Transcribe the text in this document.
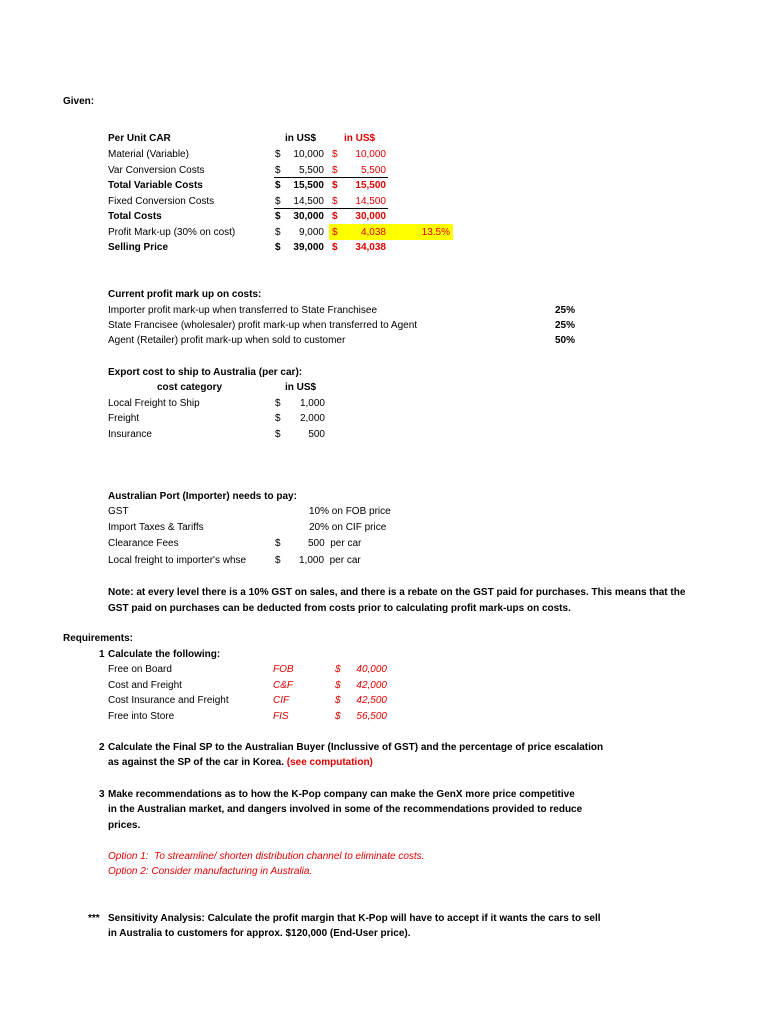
Given:
Per Unit CAR	in US$	in US$
Material (Variable)	$	10,000 $	10,000
Var Conversion Costs	$	5,500 $	5,500
Total Variable Costs	$	15,500 $	15,500
Fixed Conversion Costs	$	14,500 $	14,500
Total Costs	$	30,000 $	30,000
Profit Mark-up (30% on cost)	$	9,000 $	4,038	13.5%
Selling Price	$	39,000 $	34,038
Current profit mark up on costs:
Importer profit mark-up when transferred to State Franchisee	25%
State Francisee (wholesaler) profit mark-up when transferred to Agent	25%
Agent (Retailer) profit mark-up when sold to customer	50%
Export cost to ship to Australia (per car):
cost category	in US$
Local Freight to Ship	$	1,000
Freight	$	2,000
Insurance	$	500
Australian Port (Importer) needs to pay:
GST	10% on FOB price
Import Taxes & Tariffs	20% on CIF price
Clearance Fees	$	500  per car
Local freight to importer's whse	$ 1,000  per car
Note: at every level there is a 10% GST on sales, and there is a rebate on the GST paid for purchases. This means that the
GST paid on purchases can be deducted from costs prior to calculating profit mark-ups on costs.
Requirements:
1 Calculate the following:
Free on Board	FOB	$	40,000
Cost and Freight	C&F	$	42,000
Cost Insurance and Freight	CIF	$	42,500
Free into Store	FIS	$	56,500
2 Calculate the Final SP to the Australian Buyer (Inclussive of GST) and the percentage of price escalation
as against the SP of the car in Korea. (see computation)
3 Make recommendations as to how the K-Pop company can make the GenX more price competitive
in the Australian market, and dangers involved in some of the recommendations provided to reduce
prices.
Option 1:  To streamline/ shorten distribution channel to eliminate costs.
Option 2: Consider manufacturing in Australia.
*** Sensitivity Analysis: Calculate the profit margin that K-Pop will have to accept if it wants the cars to sell
in Australia to customers for approx. $120,000 (End-User price).
